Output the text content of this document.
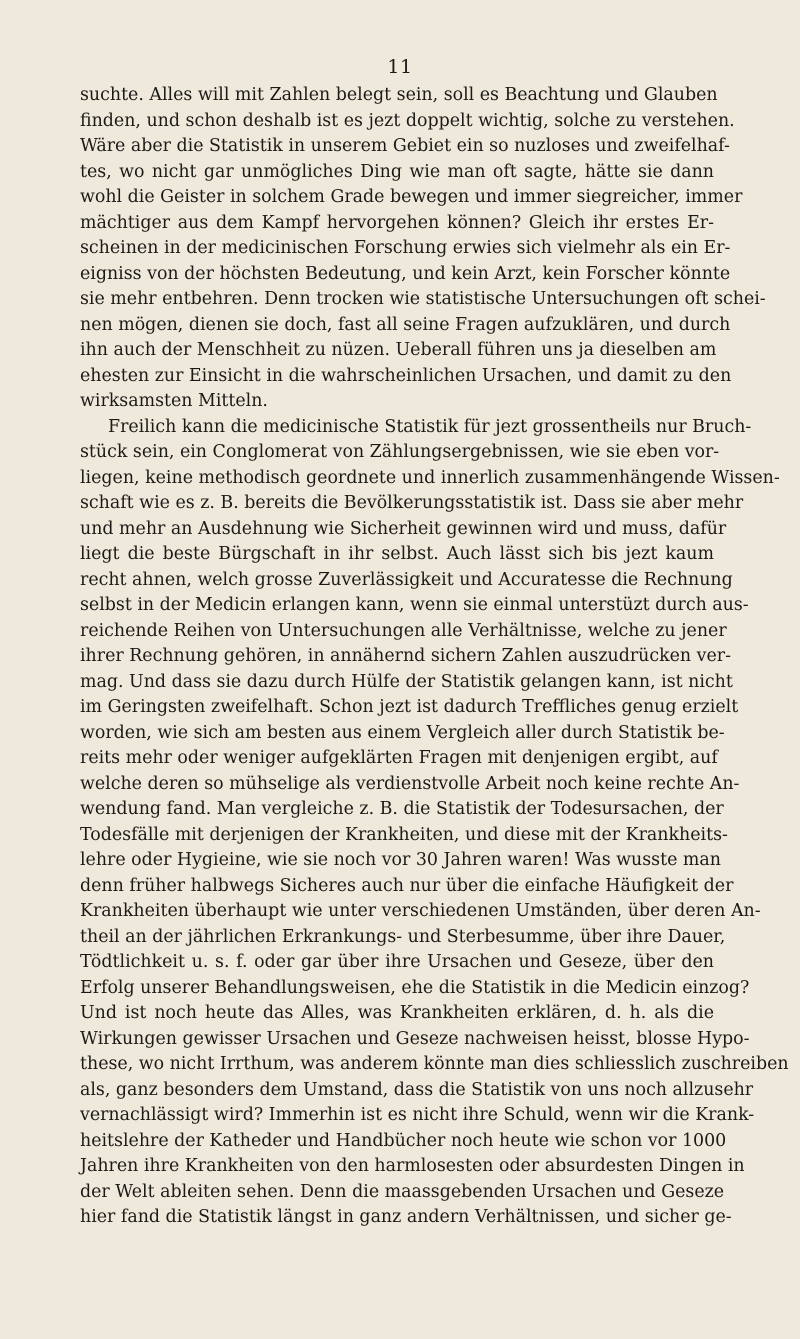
11
suchte. Alles will mit Zahlen belegt sein, soll es Beachtung und Glauben
finden, und schon deshalb ist es jezt doppelt wichtig, solche zu verstehen.
Wäre aber die Statistik in unserem Gebiet ein so nuzloses und zweifelhaf-
tes, wo nicht gar unmögliches Ding wie man oft sagte, hätte sie dann
wohl die Geister in solchem Grade bewegen und immer siegreicher, immer
mächtiger aus dem Kampf hervorgehen können? Gleich ihr erstes Er-
scheinen in der medicinischen Forschung erwies sich vielmehr als ein Er-
eigniss von der höchsten Bedeutung, und kein Arzt, kein Forscher könnte
sie mehr entbehren. Denn trocken wie statistische Untersuchungen oft schei-
nen mögen, dienen sie doch, fast all seine Fragen aufzuklären, und durch
ihn auch der Menschheit zu nüzen. Ueberall führen uns ja dieselben am
ehesten zur Einsicht in die wahrscheinlichen Ursachen, und damit zu den
wirksamsten Mitteln.
Freilich kann die medicinische Statistik für jezt grossentheils nur Bruch-
stück sein, ein Conglomerat von Zählungsergebnissen, wie sie eben vor-
liegen, keine methodisch geordnete und innerlich zusammenhängende Wissen-
schaft wie es z. B. bereits die Bevölkerungsstatistik ist. Dass sie aber mehr
und mehr an Ausdehnung wie Sicherheit gewinnen wird und muss, dafür
liegt die beste Bürgschaft in ihr selbst. Auch lässt sich bis jezt kaum
recht ahnen, welch grosse Zuverlässigkeit und Accuratesse die Rechnung
selbst in der Medicin erlangen kann, wenn sie einmal unterstüzt durch aus-
reichende Reihen von Untersuchungen alle Verhältnisse, welche zu jener
ihrer Rechnung gehören, in annähernd sichern Zahlen auszudrücken ver-
mag. Und dass sie dazu durch Hülfe der Statistik gelangen kann, ist nicht
im Geringsten zweifelhaft. Schon jezt ist dadurch Treffliches genug erzielt
worden, wie sich am besten aus einem Vergleich aller durch Statistik be-
reits mehr oder weniger aufgeklärten Fragen mit denjenigen ergibt, auf
welche deren so mühselige als verdienstvolle Arbeit noch keine rechte An-
wendung fand. Man vergleiche z. B. die Statistik der Todesursachen, der
Todesfälle mit derjenigen der Krankheiten, und diese mit der Krankheits-
lehre oder Hygieine, wie sie noch vor 30 Jahren waren! Was wusste man
denn früher halbwegs Sicheres auch nur über die einfache Häufigkeit der
Krankheiten überhaupt wie unter verschiedenen Umständen, über deren An-
theil an der jährlichen Erkrankungs- und Sterbesumme, über ihre Dauer,
Tödtlichkeit u. s. f. oder gar über ihre Ursachen und Geseze, über den
Erfolg unserer Behandlungsweisen, ehe die Statistik in die Medicin einzog?
Und ist noch heute das Alles, was Krankheiten erklären, d. h. als die
Wirkungen gewisser Ursachen und Geseze nachweisen heisst, blosse Hypo-
these, wo nicht Irrthum, was anderem könnte man dies schliesslich zuschreiben
als, ganz besonders dem Umstand, dass die Statistik von uns noch allzusehr
vernachlässigt wird? Immerhin ist es nicht ihre Schuld, wenn wir die Krank-
heitslehre der Katheder und Handbücher noch heute wie schon vor 1000
Jahren ihre Krankheiten von den harmlosesten oder absurdesten Dingen in
der Welt ableiten sehen. Denn die maassgebenden Ursachen und Geseze
hier fand die Statistik längst in ganz andern Verhältnissen, und sicher ge-
